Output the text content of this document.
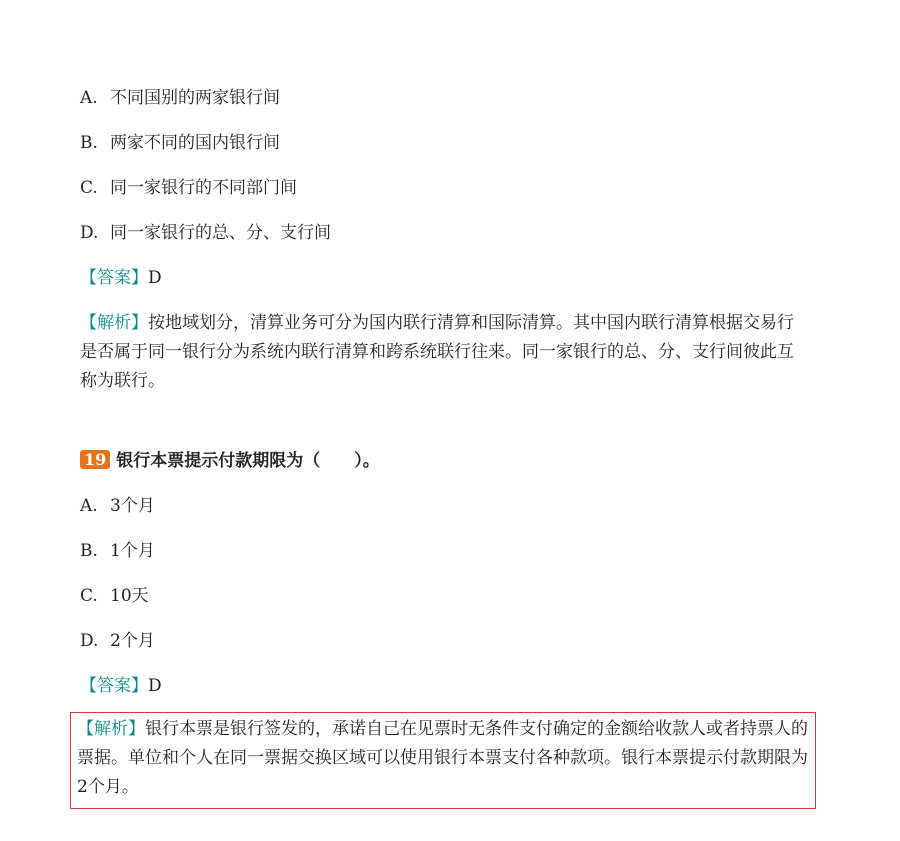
A. 不同国别的两家银行间
B. 两家不同的国内银行间
C. 同一家银行的不同部门间
D. 同一家银行的总、分、支行间
【答案】D
【解析】按地域划分，清算业务可分为国内联行清算和国际清算。其中国内联行清算根据交易行是否属于同一银行分为系统内联行清算和跨系统联行往来。同一家银行的总、分、支行间彼此互称为联行。
19 银行本票提示付款期限为（　　）。
A. 3个月
B. 1个月
C. 10天
D. 2个月
【答案】D
【解析】银行本票是银行签发的，承诺自己在见票时无条件支付确定的金额给收款人或者持票人的票据。单位和个人在同一票据交换区域可以使用银行本票支付各种款项。银行本票提示付款期限为2个月。
